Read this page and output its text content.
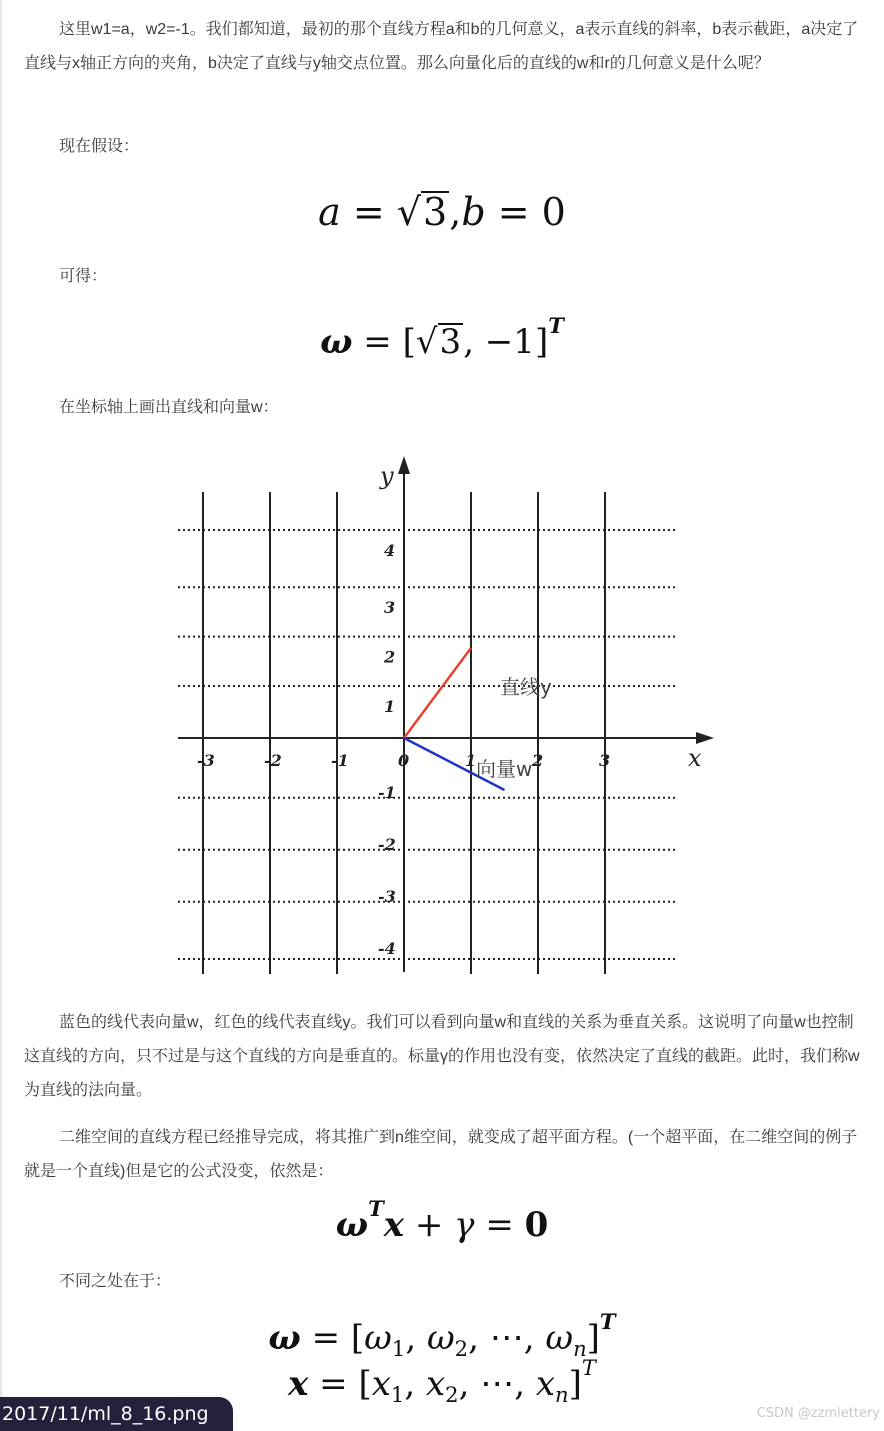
这里w1=a，w2=-1。我们都知道，最初的那个直线方程a和b的几何意义，a表示直线的斜率，b表示截距，a决定了直线与x轴正方向的夹角，b决定了直线与y轴交点位置。那么向量化后的直线的w和r的几何意义是什么呢？

现在假设：

a = √3,b = 0

可得：

ω = [√3, −1]$^T$

在坐标轴上画出直线和向量w：

x
y
-3	-2	-1	0	1	2	3
1
2
3
4
-1
-2
-3
-4
直线y
向量w

蓝色的线代表向量w，红色的线代表直线y。我们可以看到向量w和直线的关系为垂直关系。这说明了向量w也控制这直线的方向，只不过是与这个直线的方向是垂直的。标量γ的作用也没有变，依然决定了直线的截距。此时，我们称w为直线的法向量。

二维空间的直线方程已经推导完成，将其推广到n维空间，就变成了超平面方程。(一个超平面，在二维空间的例子就是一个直线)但是它的公式没变，依然是：

$\omega^Tx + \gamma = 0$

不同之处在于：

$\omega = [\omega_1$, $\omega_2$, ⋯, $\omega_n]^T$
$x = [x_1$, $x_2$, ⋯, $x_n]^T$
2017/11/ml_8_16.png	CSDN @zzmlettery
